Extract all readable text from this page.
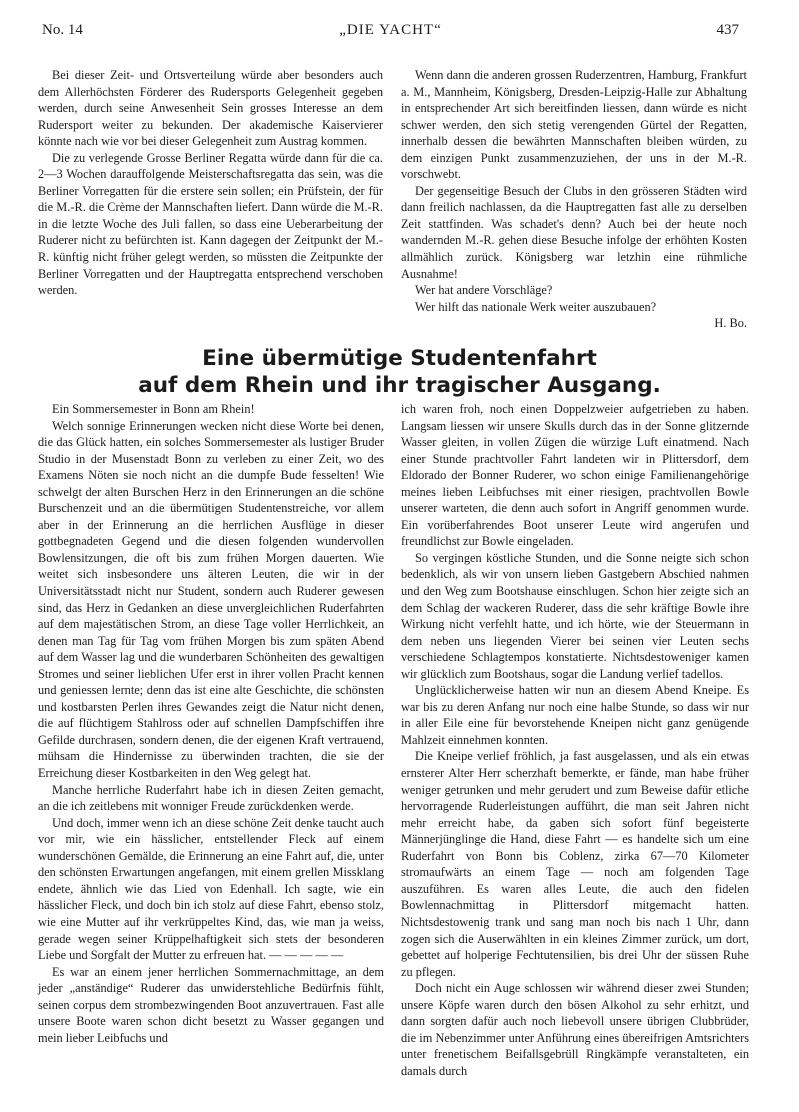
No. 14	„DIE YACHT“	437

Bei dieser Zeit- und Ortsverteilung würde aber besonders auch dem Allerhöchsten Förderer des Rudersports Gelegenheit gegeben werden, durch seine Anwesenheit Sein grosses Interesse an dem Rudersport weiter zu bekunden. Der akademische Kaiservierer könnte nach wie vor bei dieser Gelegenheit zum Austrag kommen.

Die zu verlegende Grosse Berliner Regatta würde dann für die ca. 2—3 Wochen darauffolgende Meisterschaftsregatta das sein, was die Berliner Vorregatten für die erstere sein sollen; ein Prüfstein, der für die M.-R. die Crème der Mannschaften liefert. Dann würde die M.-R. in die letzte Woche des Juli fallen, so dass eine Ueberarbeitung der Ruderer nicht zu befürchten ist. Kann dagegen der Zeitpunkt der M.-R. künftig nicht früher gelegt werden, so müssten die Zeitpunkte der Berliner Vorregatten und der Hauptregatta entsprechend verschoben werden.

Wenn dann die anderen grossen Ruderzentren, Hamburg, Frankfurt a. M., Mannheim, Königsberg, Dresden-Leipzig-Halle zur Abhaltung in entsprechender Art sich bereitfinden liessen, dann würde es nicht schwer werden, den sich stetig verengenden Gürtel der Regatten, innerhalb dessen die bewährten Mannschaften bleiben würden, zu dem einzigen Punkt zusammenzuziehen, der uns in der M.-R. vorschwebt.

Der gegenseitige Besuch der Clubs in den grösseren Städten wird dann freilich nachlassen, da die Hauptregatten fast alle zu derselben Zeit stattfinden. Was schadet's denn? Auch bei der heute noch wandernden M.-R. gehen diese Besuche infolge der erhöhten Kosten allmählich zurück. Königsberg war letzhin eine rühmliche Ausnahme!

Wer hat andere Vorschläge?

Wer hilft das nationale Werk weiter auszubauen?

H. Bo.

Eine übermütige Studentenfahrt
auf dem Rhein und ihr tragischer Ausgang.

Ein Sommersemester in Bonn am Rhein!

Welch sonnige Erinnerungen wecken nicht diese Worte bei denen, die das Glück hatten, ein solches Sommersemester als lustiger Bruder Studio in der Musenstadt Bonn zu verleben zu einer Zeit, wo des Examens Nöten sie noch nicht an die dumpfe Bude fesselten! Wie schwelgt der alten Burschen Herz in den Erinnerungen an die schöne Burschenzeit und an die übermütigen Studentenstreiche, vor allem aber in der Erinnerung an die herrlichen Ausflüge in dieser gottbegnadeten Gegend und die diesen folgenden wundervollen Bowlensitzungen, die oft bis zum frühen Morgen dauerten. Wie weitet sich insbesondere uns älteren Leuten, die wir in der Universitätsstadt nicht nur Student, sondern auch Ruderer gewesen sind, das Herz in Gedanken an diese unvergleichlichen Ruderfahrten auf dem majestätischen Strom, an diese Tage voller Herrlichkeit, an denen man Tag für Tag vom frühen Morgen bis zum späten Abend auf dem Wasser lag und die wunderbaren Schönheiten des gewaltigen Stromes und seiner lieblichen Ufer erst in ihrer vollen Pracht kennen und geniessen lernte; denn das ist eine alte Geschichte, die schönsten und kostbarsten Perlen ihres Gewandes zeigt die Natur nicht denen, die auf flüchtigem Stahlross oder auf schnellen Dampfschiffen ihre Gefilde durchrasen, sondern denen, die der eigenen Kraft vertrauend, mühsam die Hindernisse zu überwinden trachten, die sie der Erreichung dieser Kostbarkeiten in den Weg gelegt hat.

Manche herrliche Ruderfahrt habe ich in diesen Zeiten gemacht, an die ich zeitlebens mit wonniger Freude zurückdenken werde.

Und doch, immer wenn ich an diese schöne Zeit denke taucht auch vor mir, wie ein hässlicher, entstellender Fleck auf einem wunderschönen Gemälde, die Erinnerung an eine Fahrt auf, die, unter den schönsten Erwartungen angefangen, mit einem grellen Missklang endete, ähnlich wie das Lied von Edenhall. Ich sagte, wie ein hässlicher Fleck, und doch bin ich stolz auf diese Fahrt, ebenso stolz, wie eine Mutter auf ihr verkrüppeltes Kind, das, wie man ja weiss, gerade wegen seiner Krüppelhaftigkeit sich stets der besonderen Liebe und Sorgfalt der Mutter zu erfreuen hat. — — — — —

Es war an einem jener herrlichen Sommernachmittage, an dem jeder „anständige“ Ruderer das unwiderstehliche Bedürfnis fühlt, seinen corpus dem strombezwingenden Boot anzuvertrauen. Fast alle unsere Boote waren schon dicht besetzt zu Wasser gegangen und mein lieber Leibfuchs und

ich waren froh, noch einen Doppelzweier aufgetrieben zu haben. Langsam liessen wir unsere Skulls durch das in der Sonne glitzernde Wasser gleiten, in vollen Zügen die würzige Luft einatmend. Nach einer Stunde prachtvoller Fahrt landeten wir in Plittersdorf, dem Eldorado der Bonner Ruderer, wo schon einige Familienangehörige meines lieben Leibfuchses mit einer riesigen, prachtvollen Bowle unserer warteten, die denn auch sofort in Angriff genommen wurde. Ein vorüberfahrendes Boot unserer Leute wird angerufen und freundlichst zur Bowle eingeladen.

So vergingen köstliche Stunden, und die Sonne neigte sich schon bedenklich, als wir von unsern lieben Gastgebern Abschied nahmen und den Weg zum Bootshause einschlugen. Schon hier zeigte sich an dem Schlag der wackeren Ruderer, dass die sehr kräftige Bowle ihre Wirkung nicht verfehlt hatte, und ich hörte, wie der Steuermann in dem neben uns liegenden Vierer bei seinen vier Leuten sechs verschiedene Schlagtempos konstatierte. Nichtsdestoweniger kamen wir glücklich zum Bootshaus, sogar die Landung verlief tadellos.

Unglücklicherweise hatten wir nun an diesem Abend Kneipe. Es war bis zu deren Anfang nur noch eine halbe Stunde, so dass wir nur in aller Eile eine für bevorstehende Kneipen nicht ganz genügende Mahlzeit einnehmen konnten.

Die Kneipe verlief fröhlich, ja fast ausgelassen, und als ein etwas ernsterer Alter Herr scherzhaft bemerkte, er fände, man habe früher weniger getrunken und mehr gerudert und zum Beweise dafür etliche hervorragende Ruderleistungen aufführt, die man seit Jahren nicht mehr erreicht habe, da gaben sich sofort fünf begeisterte Männerjünglinge die Hand, diese Fahrt — es handelte sich um eine Ruderfahrt von Bonn bis Coblenz, zirka 67—70 Kilometer stromaufwärts an einem Tage — noch am folgenden Tage auszuführen. Es waren alles Leute, die auch den fidelen Bowlennachmittag in Plittersdorf mitgemacht hatten. Nichtsdestowenig trank und sang man noch bis nach 1 Uhr, dann zogen sich die Auserwählten in ein kleines Zimmer zurück, um dort, gebettet auf holperige Fechtutensilien, bis drei Uhr der süssen Ruhe zu pflegen.

Doch nicht ein Auge schlossen wir während dieser zwei Stunden; unsere Köpfe waren durch den bösen Alkohol zu sehr erhitzt, und dann sorgten dafür auch noch liebevoll unsere übrigen Clubbrüder, die im Nebenzimmer unter Anführung eines übereifrigen Amtsrichters unter frenetischem Beifallsgebrüll Ringkämpfe veranstalteten, ein damals durch
